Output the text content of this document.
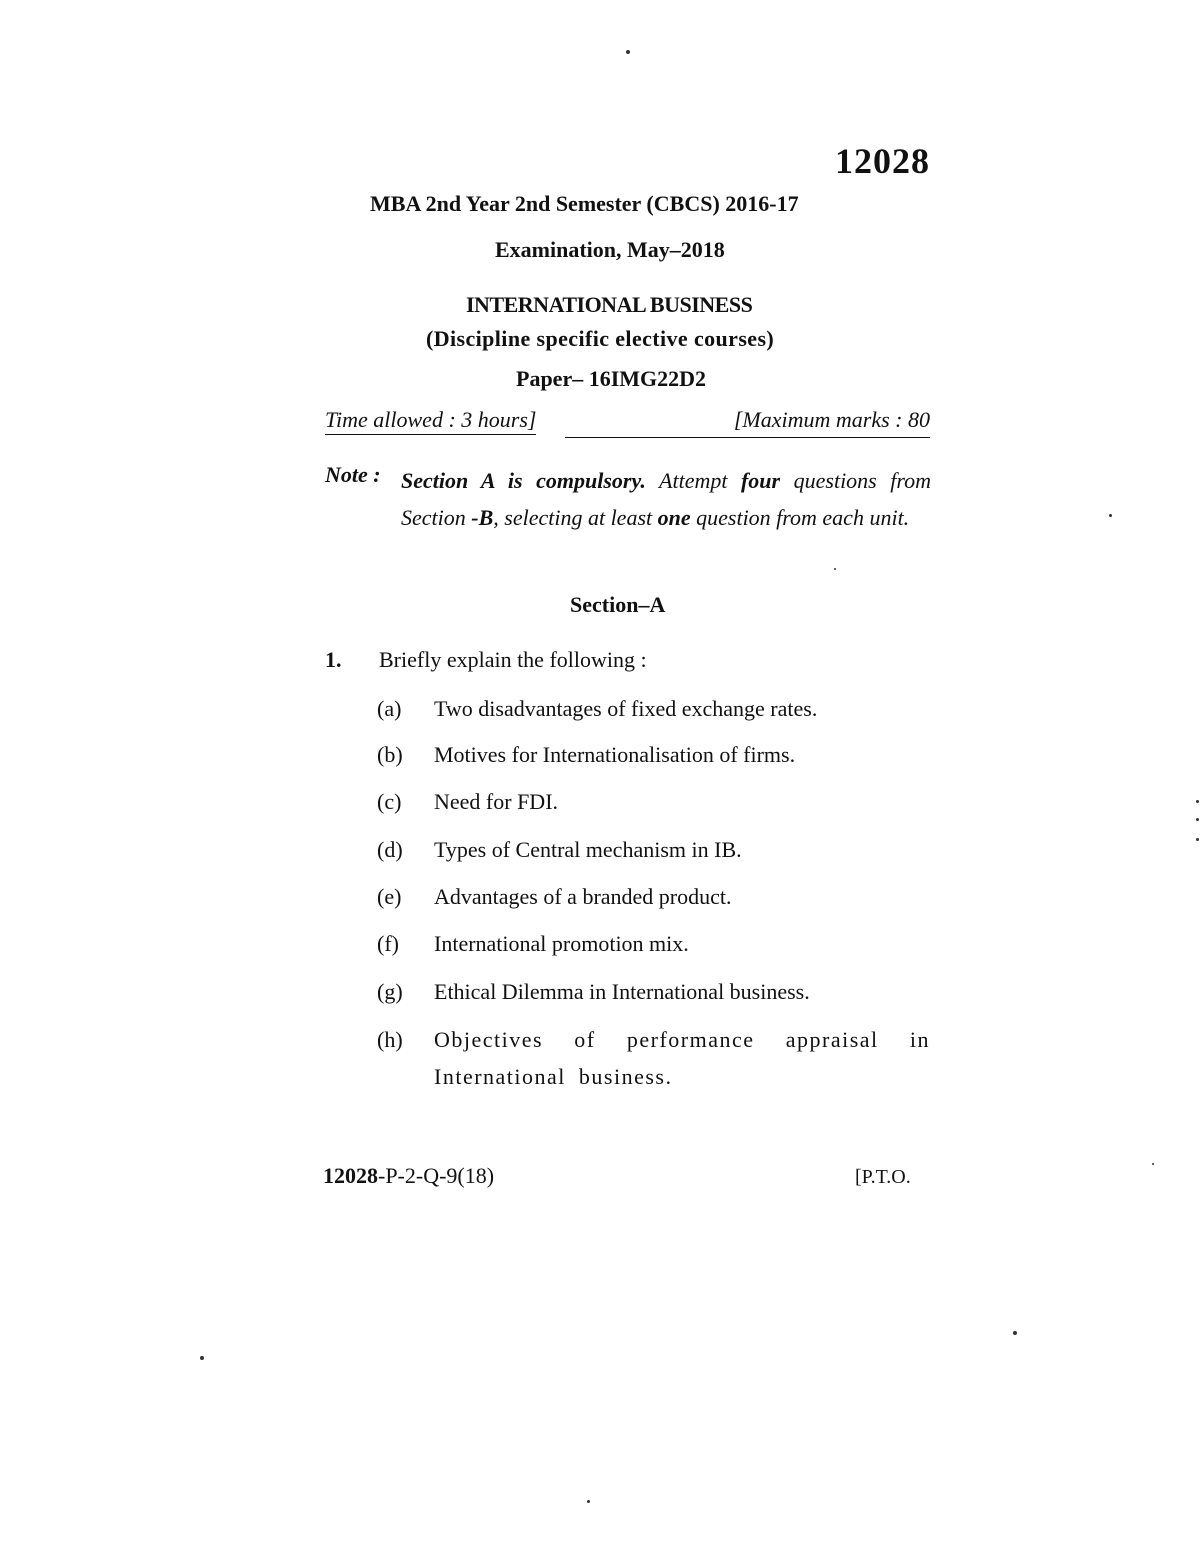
12028
MBA 2nd Year 2nd Semester (CBCS) 2016-17
Examination, May–2018
INTERNATIONAL BUSINESS
(Discipline specific elective courses)
Paper– 16IMG22D2
Time allowed : 3 hours]	[Maximum marks : 80
Note : Section A is compulsory. Attempt four questions from Section -B, selecting at least one question from each unit.
Section–A
1. Briefly explain the following :
(a) Two disadvantages of fixed exchange rates.
(b) Motives for Internationalisation of firms.
(c) Need for FDI.
(d) Types of Central mechanism in IB.
(e) Advantages of a branded product.
(f) International promotion mix.
(g) Ethical Dilemma in International business.
(h) Objectives of performance appraisal in International business.
12028-P-2-Q-9(18)	[P.T.O.
